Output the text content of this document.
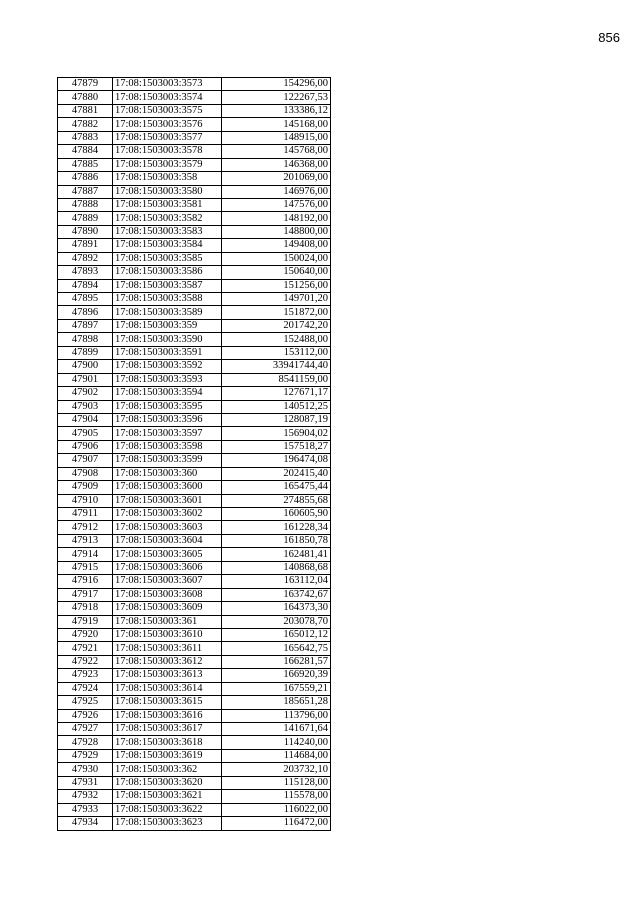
856
47879	17:08:1503003:3573	154296,00
47880	17:08:1503003:3574	122267,53
47881	17:08:1503003:3575	133386,12
47882	17:08:1503003:3576	145168,00
47883	17:08:1503003:3577	148915,00
47884	17:08:1503003:3578	145768,00
47885	17:08:1503003:3579	146368,00
47886	17:08:1503003:358	201069,00
47887	17:08:1503003:3580	146976,00
47888	17:08:1503003:3581	147576,00
47889	17:08:1503003:3582	148192,00
47890	17:08:1503003:3583	148800,00
47891	17:08:1503003:3584	149408,00
47892	17:08:1503003:3585	150024,00
47893	17:08:1503003:3586	150640,00
47894	17:08:1503003:3587	151256,00
47895	17:08:1503003:3588	149701,20
47896	17:08:1503003:3589	151872,00
47897	17:08:1503003:359	201742,20
47898	17:08:1503003:3590	152488,00
47899	17:08:1503003:3591	153112,00
47900	17:08:1503003:3592	33941744,40
47901	17:08:1503003:3593	8541159,00
47902	17:08:1503003:3594	127671,17
47903	17:08:1503003:3595	140512,25
47904	17:08:1503003:3596	128087,19
47905	17:08:1503003:3597	156904,02
47906	17:08:1503003:3598	157518,27
47907	17:08:1503003:3599	196474,08
47908	17:08:1503003:360	202415,40
47909	17:08:1503003:3600	165475,44
47910	17:08:1503003:3601	274855,68
47911	17:08:1503003:3602	160605,90
47912	17:08:1503003:3603	161228,34
47913	17:08:1503003:3604	161850,78
47914	17:08:1503003:3605	162481,41
47915	17:08:1503003:3606	140868,68
47916	17:08:1503003:3607	163112,04
47917	17:08:1503003:3608	163742,67
47918	17:08:1503003:3609	164373,30
47919	17:08:1503003:361	203078,70
47920	17:08:1503003:3610	165012,12
47921	17:08:1503003:3611	165642,75
47922	17:08:1503003:3612	166281,57
47923	17:08:1503003:3613	166920,39
47924	17:08:1503003:3614	167559,21
47925	17:08:1503003:3615	185651,28
47926	17:08:1503003:3616	113796,00
47927	17:08:1503003:3617	141671,64
47928	17:08:1503003:3618	114240,00
47929	17:08:1503003:3619	114684,00
47930	17:08:1503003:362	203732,10
47931	17:08:1503003:3620	115128,00
47932	17:08:1503003:3621	115578,00
47933	17:08:1503003:3622	116022,00
47934	17:08:1503003:3623	116472,00
